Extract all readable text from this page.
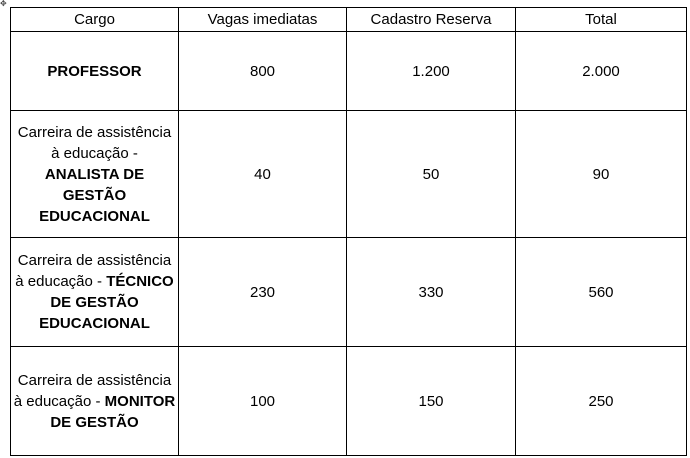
✥
Cargo	Vagas imediatas	Cadastro Reserva	Total
PROFESSOR	800	1.200	2.000
Carreira de assistência à educação - ANALISTA DE GESTÃO EDUCACIONAL	40	50	90
Carreira de assistência à educação - TÉCNICO DE GESTÃO EDUCACIONAL	230	330	560
Carreira de assistência à educação - MONITOR DE GESTÃO	100	150	250
